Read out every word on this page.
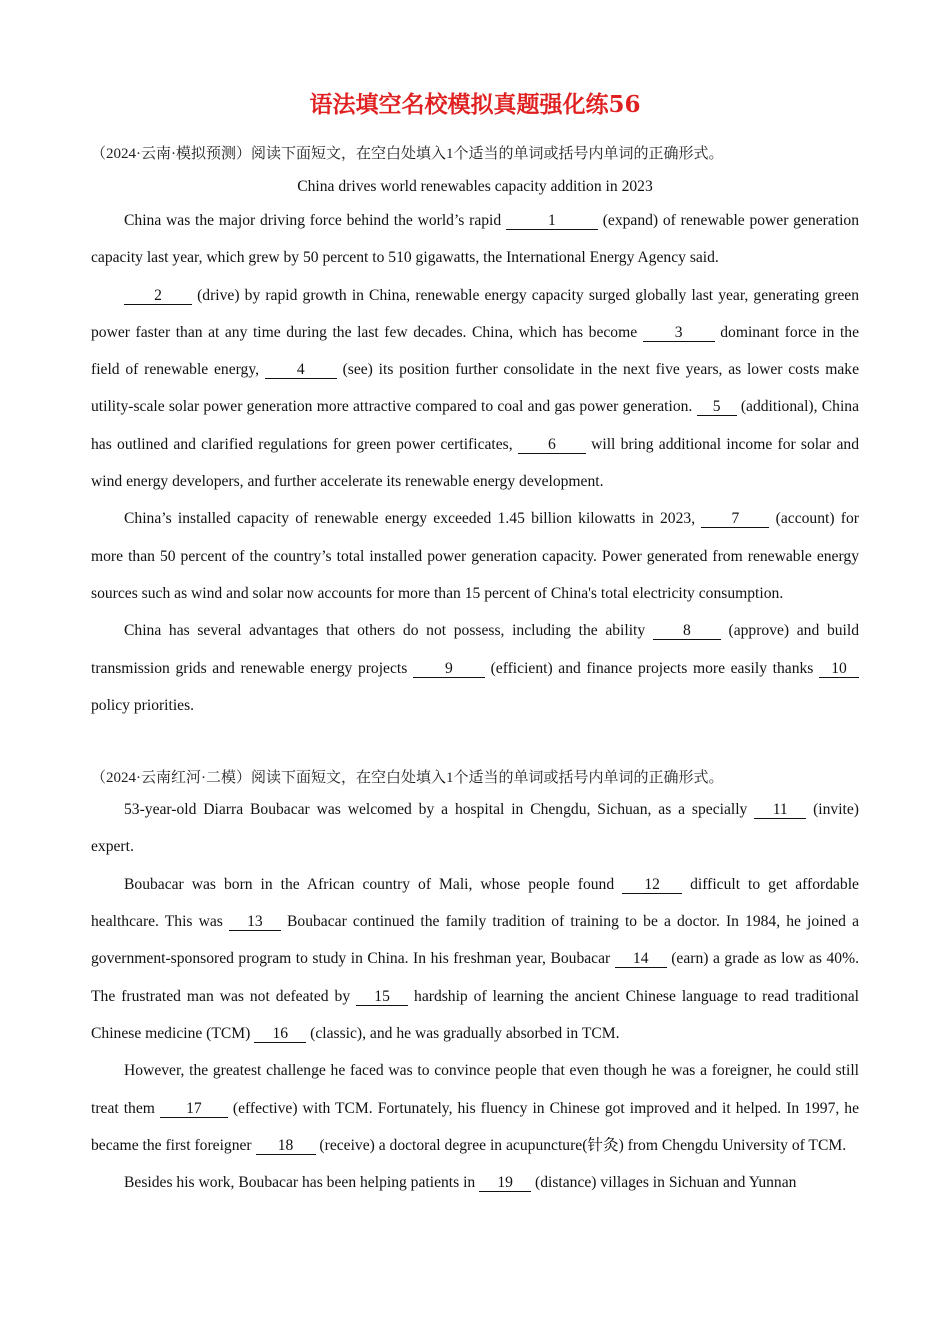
语法填空名校模拟真题强化练56

（2024·云南·模拟预测）阅读下面短文，在空白处填入1个适当的单词或括号内单词的正确形式。

China drives world renewables capacity addition in 2023

China was the major driving force behind the world’s rapid	1	(expand) of renewable power generation capacity last year, which grew by 50 percent to 510 gigawatts, the International Energy Agency said.

2 (drive) by rapid growth in China, renewable energy capacity surged globally last year, generating green power faster than at any time during the last few decades. China, which has become 3 dominant force in the field of renewable energy, 4 (see) its position further consolidate in the next five years, as lower costs make utility-scale solar power generation more attractive compared to coal and gas power generation. 5 (additional), China has outlined and clarified regulations for green power certificates, 6 will bring additional income for solar and wind energy developers, and further accelerate its renewable energy development.

China’s installed capacity of renewable energy exceeded 1.45 billion kilowatts in 2023, 7 (account) for more than 50 percent of the country’s total installed power generation capacity. Power generated from renewable energy sources such as wind and solar now accounts for more than 15 percent of China's total electricity consumption.

China has several advantages that others do not possess, including the ability 8 (approve) and build transmission grids and renewable energy projects 9 (efficient) and finance projects more easily thanks 10 policy priorities.

（2024·云南红河·二模）阅读下面短文，在空白处填入1个适当的单词或括号内单词的正确形式。

53-year-old Diarra Boubacar was welcomed by a hospital in Chengdu, Sichuan, as a specially 11 (invite) expert.

Boubacar was born in the African country of Mali, whose people found 12 difficult to get affordable healthcare. This was 13 Boubacar continued the family tradition of training to be a doctor. In 1984, he joined a government-sponsored program to study in China. In his freshman year, Boubacar 14 (earn) a grade as low as 40%. The frustrated man was not defeated by 15 hardship of learning the ancient Chinese language to read traditional Chinese medicine (TCM) 16 (classic), and he was gradually absorbed in TCM.

However, the greatest challenge he faced was to convince people that even though he was a foreigner, he could still treat them 17 (effective) with TCM. Fortunately, his fluency in Chinese got improved and it helped. In 1997, he became the first foreigner 18 (receive) a doctoral degree in acupuncture(针灸) from Chengdu University of TCM.

Besides his work, Boubacar has been helping patients in 19 (distance) villages in Sichuan and Yunnan
